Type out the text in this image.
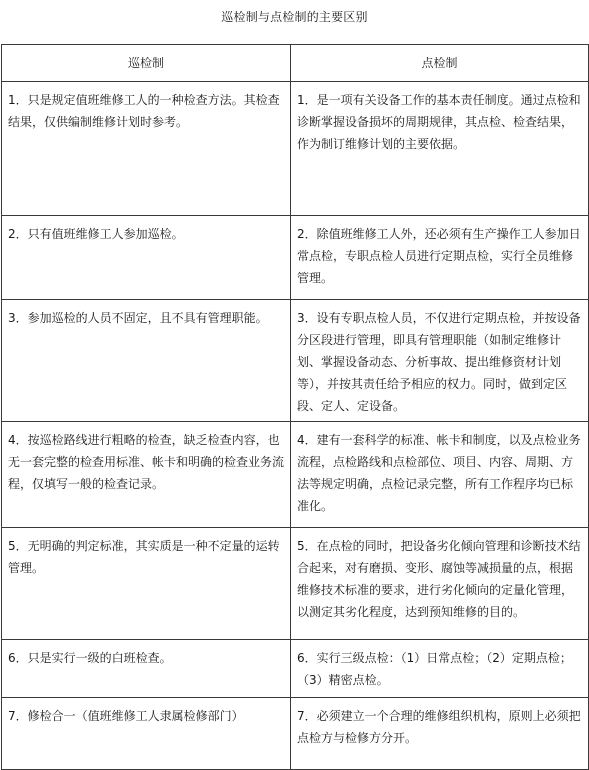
巡检制与点检制的主要区别
巡检制	点检制
1．只是规定值班维修工人的一种检查方法。其检查结果，仅供编制维修计划时参考。	1．是一项有关设备工作的基本责任制度。通过点检和诊断掌握设备损坏的周期规律，其点检、检查结果，作为制订维修计划的主要依据。
2．只有值班维修工人参加巡检。	2．除值班维修工人外，还必须有生产操作工人参加日常点检，专职点检人员进行定期点检，实行全员维修管理。
3．参加巡检的人员不固定，且不具有管理职能。	3．设有专职点检人员，不仅进行定期点检，并按设备分区段进行管理，即具有管理职能（如制定维修计划、掌握设备动态、分析事故、提出维修资材计划等），并按其责任给予相应的权力。同时，做到定区段、定人、定设备。
4．按巡检路线进行粗略的检查，缺乏检查内容，也无一套完整的检查用标准、帐卡和明确的检查业务流程，仅填写一般的检查记录。	4．建有一套科学的标准、帐卡和制度，以及点检业务流程，点检路线和点检部位、项目、内容、周期、方法等规定明确，点检记录完整，所有工作程序均已标准化。
5．无明确的判定标准，其实质是一种不定量的运转管理。	5．在点检的同时，把设备劣化倾向管理和诊断技术结合起来，对有磨损、变形、腐蚀等减损量的点，根据维修技术标准的要求，进行劣化倾向的定量化管理，以测定其劣化程度，达到预知维修的目的。
6．只是实行一级的白班检查。	6．实行三级点检：（1）日常点检；（2）定期点检；（3）精密点检。
7．修检合一（值班维修工人隶属检修部门）	7．必须建立一个合理的维修组织机构，原则上必须把点检方与检修方分开。
